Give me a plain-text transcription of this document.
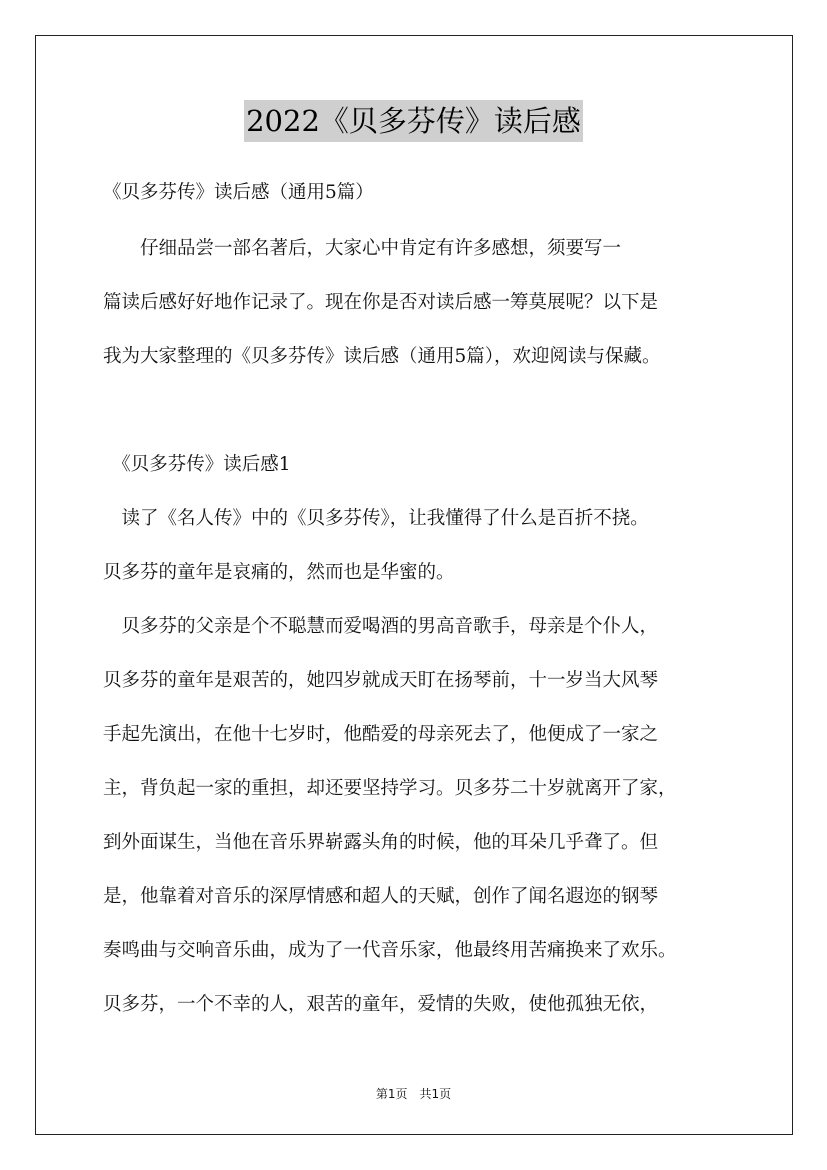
2022《贝多芬传》读后感
《贝多芬传》读后感（通用5篇）
　　仔细品尝一部名著后，大家心中肯定有许多感想，须要写一
篇读后感好好地作记录了。现在你是否对读后感一筹莫展呢？以下是
我为大家整理的《贝多芬传》读后感（通用5篇），欢迎阅读与保藏。
　《贝多芬传》读后感1
　读了《名人传》中的《贝多芬传》，让我懂得了什么是百折不挠。
贝多芬的童年是哀痛的，然而也是华蜜的。
　贝多芬的父亲是个不聪慧而爱喝酒的男高音歌手，母亲是个仆人，
贝多芬的童年是艰苦的，她四岁就成天盯在扬琴前，十一岁当大风琴
手起先演出，在他十七岁时，他酷爱的母亲死去了，他便成了一家之
主，背负起一家的重担，却还要坚持学习。贝多芬二十岁就离开了家，
到外面谋生，当他在音乐界崭露头角的时候，他的耳朵几乎聋了。但
是，他靠着对音乐的深厚情感和超人的天赋，创作了闻名遐迩的钢琴
奏鸣曲与交响音乐曲，成为了一代音乐家，他最终用苦痛换来了欢乐。
贝多芬，一个不幸的人，艰苦的童年，爱情的失败，使他孤独无依，
第1页　共1页
